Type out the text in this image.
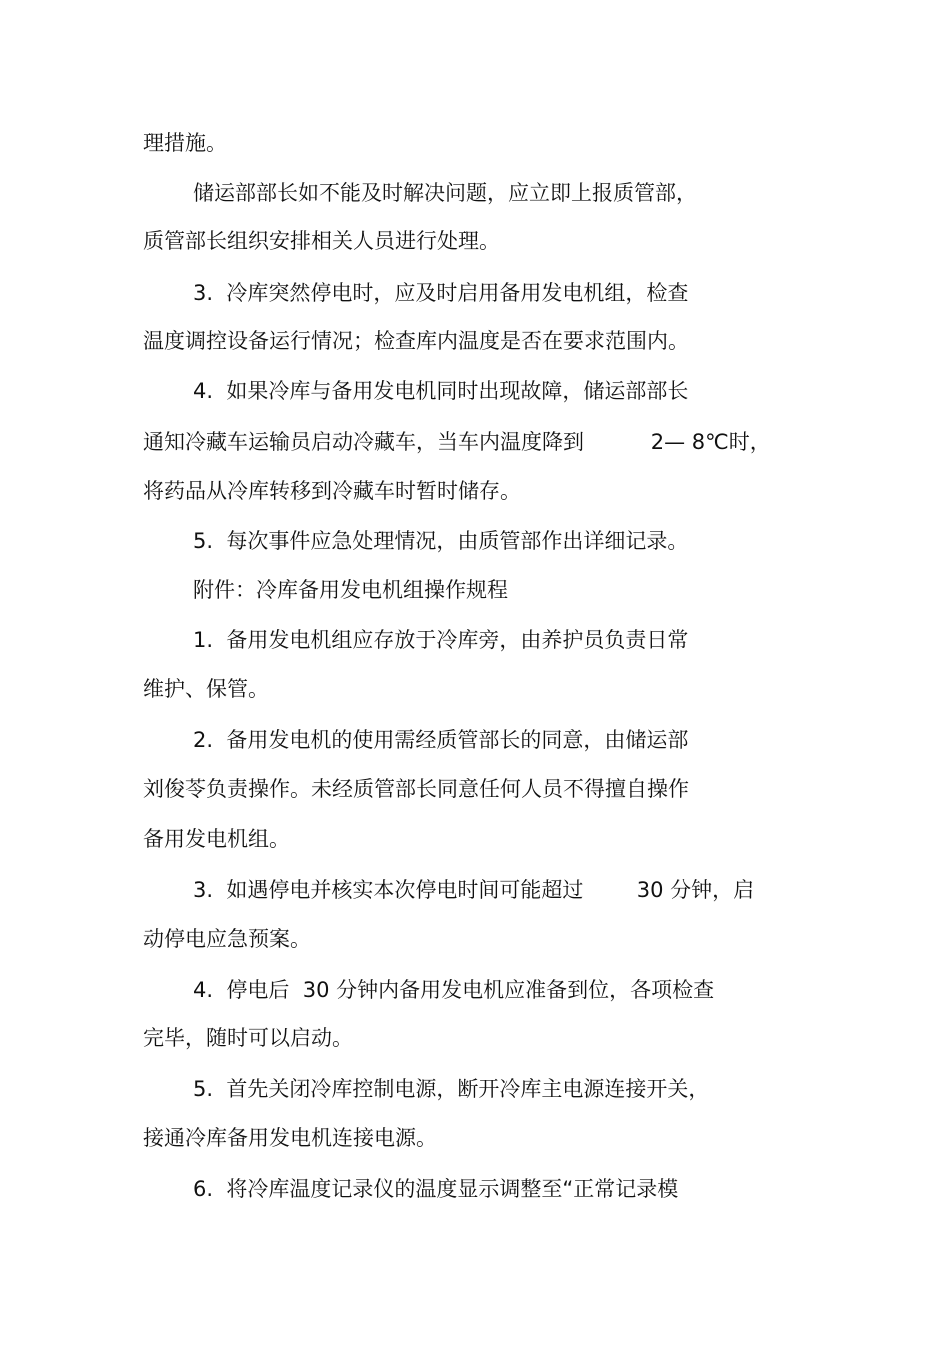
理措施。
储运部部长如不能及时解决问题，应立即上报质管部，
质管部长组织安排相关人员进行处理。
3.  冷库突然停电时，应及时启用备用发电机组，检查
温度调控设备运行情况；检查库内温度是否在要求范围内。
4.  如果冷库与备用发电机同时出现故障，储运部部长
通知冷藏车运输员启动冷藏车，当车内温度降到          2— 8℃时，
将药品从冷库转移到冷藏车时暂时储存。
5.  每次事件应急处理情况，由质管部作出详细记录。
附件：冷库备用发电机组操作规程
1.  备用发电机组应存放于冷库旁，由养护员负责日常
维护、保管。
2.  备用发电机的使用需经质管部长的同意，由储运部
刘俊苓负责操作。未经质管部长同意任何人员不得擅自操作
备用发电机组。
3.  如遇停电并核实本次停电时间可能超过        30 分钟，启
动停电应急预案。
4.  停电后  30 分钟内备用发电机应准备到位，各项检查
完毕，随时可以启动。
5.  首先关闭冷库控制电源，断开冷库主电源连接开关，
接通冷库备用发电机连接电源。
6.  将冷库温度记录仪的温度显示调整至“正常记录模
